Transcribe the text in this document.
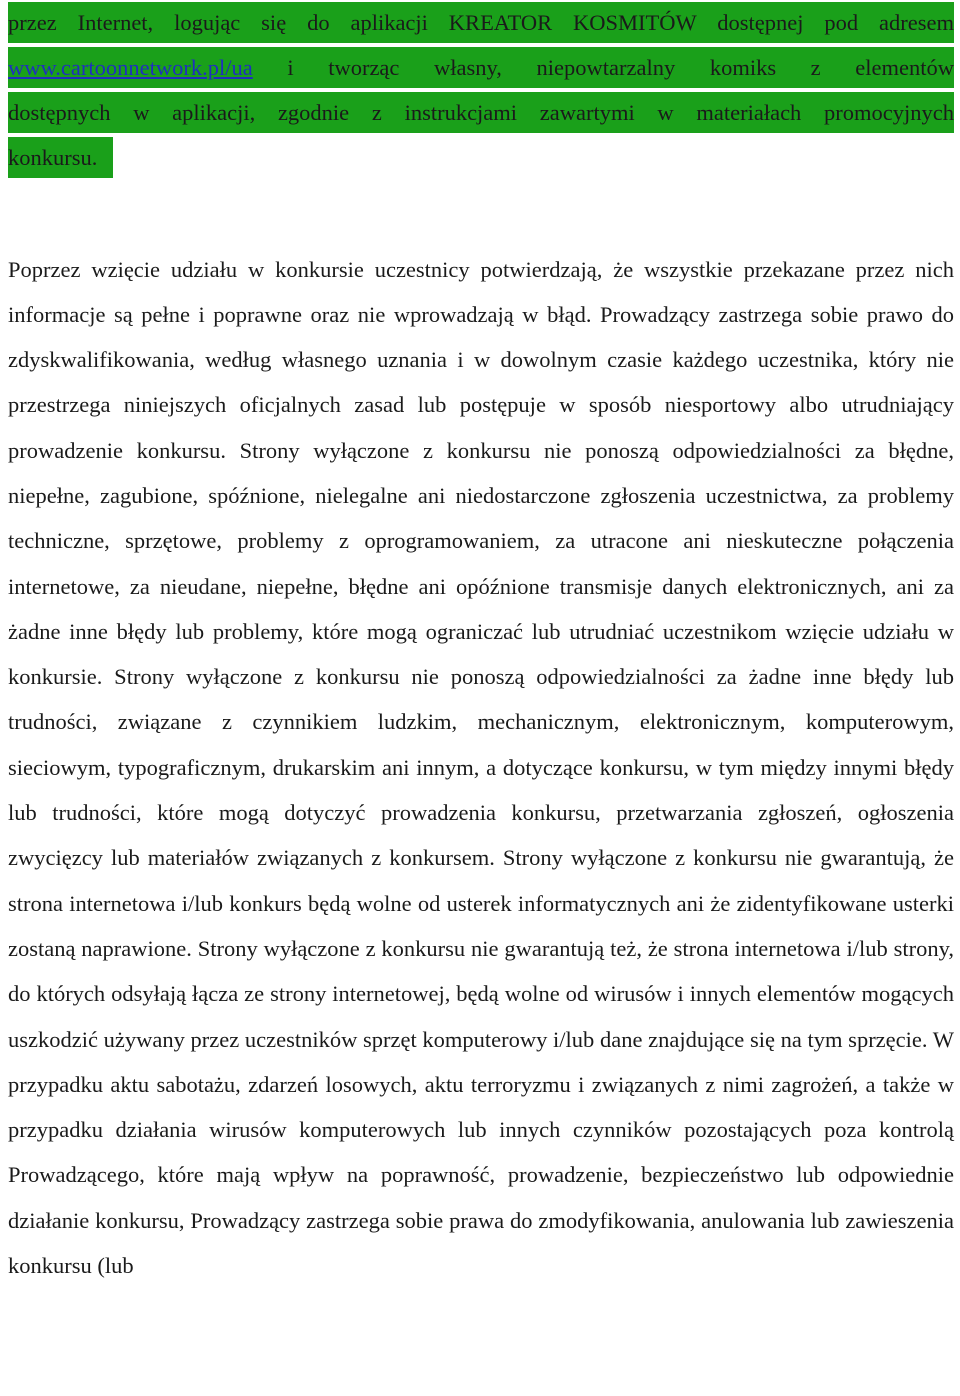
przez Internet, logując się do aplikacji KREATOR KOSMITÓW dostępnej pod adresem
www.cartoonnetwork.pl/ua i tworząc własny, niepowtarzalny komiks z elementów
dostępnych w aplikacji, zgodnie z instrukcjami zawartymi w materiałach promocyjnych
konkursu.

Poprzez wzięcie udziału w konkursie uczestnicy potwierdzają, że wszystkie przekazane przez nich informacje są pełne i poprawne oraz nie wprowadzają w błąd. Prowadzący zastrzega sobie prawo do zdyskwalifikowania, według własnego uznania i w dowolnym czasie każdego uczestnika, który nie przestrzega niniejszych oficjalnych zasad lub postępuje w sposób niesportowy albo utrudniający prowadzenie konkursu. Strony wyłączone z konkursu nie ponoszą odpowiedzialności za błędne, niepełne, zagubione, spóźnione, nielegalne ani niedostarczone zgłoszenia uczestnictwa, za problemy techniczne, sprzętowe, problemy z oprogramowaniem, za utracone ani nieskuteczne połączenia internetowe, za nieudane, niepełne, błędne ani opóźnione transmisje danych elektronicznych, ani za żadne inne błędy lub problemy, które mogą ograniczać lub utrudniać uczestnikom wzięcie udziału w konkursie. Strony wyłączone z konkursu nie ponoszą odpowiedzialności za żadne inne błędy lub trudności, związane z czynnikiem ludzkim, mechanicznym, elektronicznym, komputerowym, sieciowym, typograficznym, drukarskim ani innym, a dotyczące konkursu, w tym między innymi błędy lub trudności, które mogą dotyczyć prowadzenia konkursu, przetwarzania zgłoszeń, ogłoszenia zwycięzcy lub materiałów związanych z konkursem. Strony wyłączone z konkursu nie gwarantują, że strona internetowa i/lub konkurs będą wolne od usterek informatycznych ani że zidentyfikowane usterki zostaną naprawione. Strony wyłączone z konkursu nie gwarantują też, że strona internetowa i/lub strony, do których odsyłają łącza ze strony internetowej, będą wolne od wirusów i innych elementów mogących uszkodzić używany przez uczestników sprzęt komputerowy i/lub dane znajdujące się na tym sprzęcie. W przypadku aktu sabotażu, zdarzeń losowych, aktu terroryzmu i związanych z nimi zagrożeń, a także w przypadku działania wirusów komputerowych lub innych czynników pozostających poza kontrolą Prowadzącego, które mają wpływ na poprawność, prowadzenie, bezpieczeństwo lub odpowiednie działanie konkursu, Prowadzący zastrzega sobie prawa do zmodyfikowania, anulowania lub zawieszenia konkursu (lub
